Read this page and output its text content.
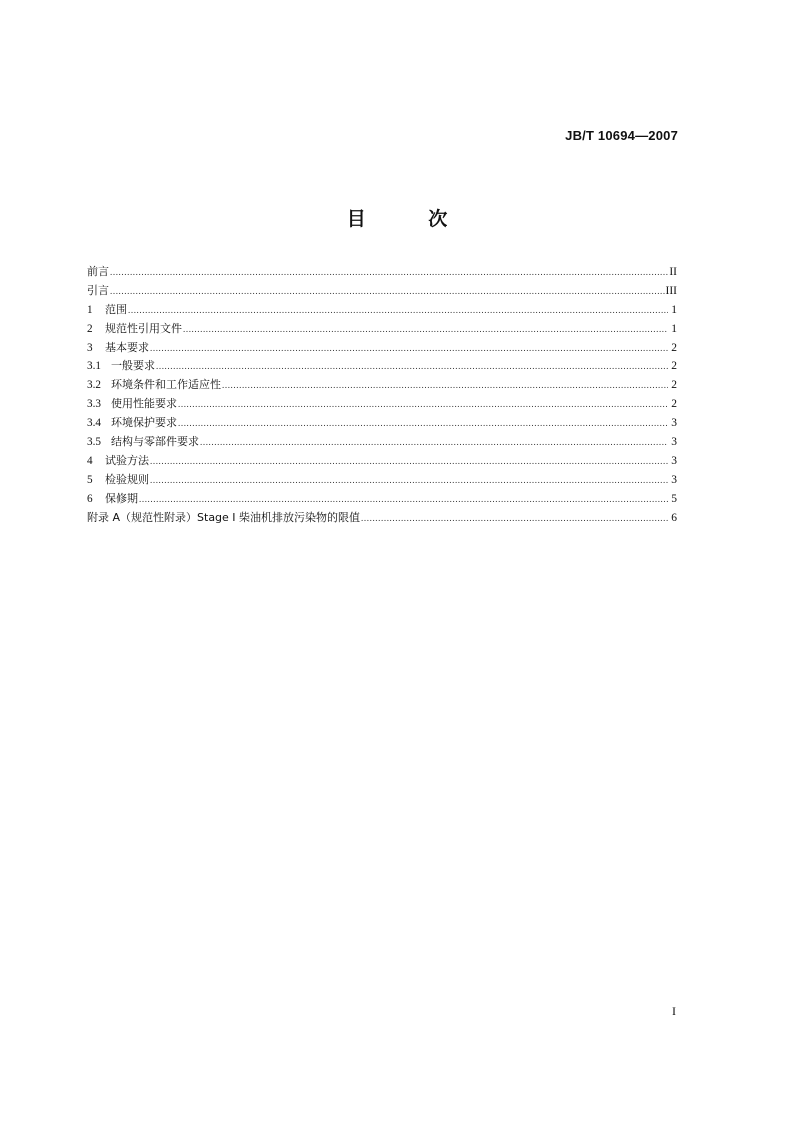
JB/T 10694—2007
目 次
前言 .....	II
引言 .....	III
1	范围 .....	1
2	规范性引用文件 .....	1
3	基本要求 .....	2
3.1 一般要求 .....	2
3.2 环境条件和工作适应性 .....	2
3.3 使用性能要求 .....	2
3.4 环境保护要求 .....	3
3.5 结构与零部件要求 .....	3
4	试验方法 .....	3
5	检验规则 .....	3
6	保修期 .....	5
附录 A（规范性附录）Stage I 柴油机排放污染物的限值 .....	6
I
